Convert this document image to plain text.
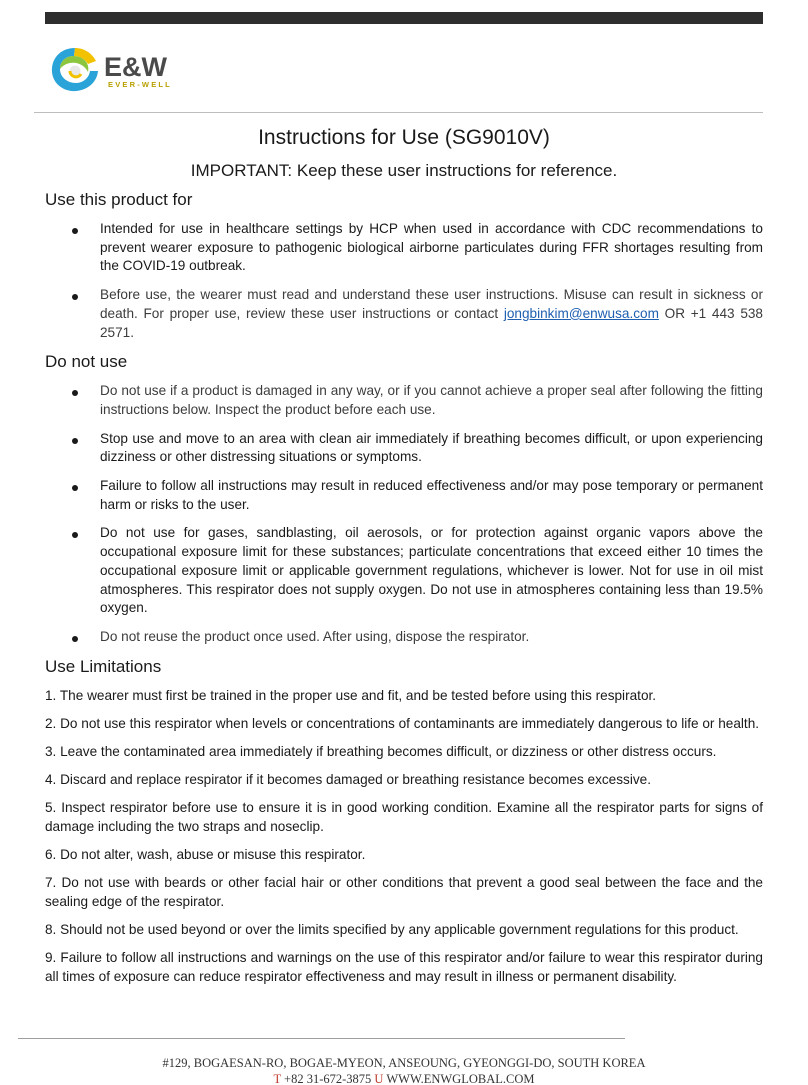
E&W
EVER-WELL
Instructions for Use (SG9010V)
IMPORTANT: Keep these user instructions for reference.
Use this product for
Intended for use in healthcare settings by HCP when used in accordance with CDC recommendations to prevent wearer exposure to pathogenic biological airborne particulates during FFR shortages resulting from the COVID-19 outbreak.
Before use, the wearer must read and understand these user instructions. Misuse can result in sickness or death. For proper use, review these user instructions or contact jongbinkim@enwusa.com OR +1 443 538 2571.
Do not use
Do not use if a product is damaged in any way, or if you cannot achieve a proper seal after following the fitting instructions below. Inspect the product before each use.
Stop use and move to an area with clean air immediately if breathing becomes difficult, or upon experiencing dizziness or other distressing situations or symptoms.
Failure to follow all instructions may result in reduced effectiveness and/or may pose temporary or permanent harm or risks to the user.
Do not use for gases, sandblasting, oil aerosols, or for protection against organic vapors above the occupational exposure limit for these substances; particulate concentrations that exceed either 10 times the occupational exposure limit or applicable government regulations, whichever is lower. Not for use in oil mist atmospheres. This respirator does not supply oxygen. Do not use in atmospheres containing less than 19.5% oxygen.
Do not reuse the product once used. After using, dispose the respirator.
Use Limitations
1. The wearer must first be trained in the proper use and fit, and be tested before using this respirator.
2. Do not use this respirator when levels or concentrations of contaminants are immediately dangerous to life or health.
3. Leave the contaminated area immediately if breathing becomes difficult, or dizziness or other distress occurs.
4. Discard and replace respirator if it becomes damaged or breathing resistance becomes excessive.
5. Inspect respirator before use to ensure it is in good working condition. Examine all the respirator parts for signs of damage including the two straps and noseclip.
6. Do not alter, wash, abuse or misuse this respirator.
7. Do not use with beards or other facial hair or other conditions that prevent a good seal between the face and the sealing edge of the respirator.
8. Should not be used beyond or over the limits specified by any applicable government regulations for this product.
9. Failure to follow all instructions and warnings on the use of this respirator and/or failure to wear this respirator during all times of exposure can reduce respirator effectiveness and may result in illness or permanent disability.
#129, BOGAESAN-RO, BOGAE-MYEON, ANSEOUNG, GYEONGGI-DO, SOUTH KOREA
T +82 31-672-3875 U WWW.ENWGLOBAL.COM
